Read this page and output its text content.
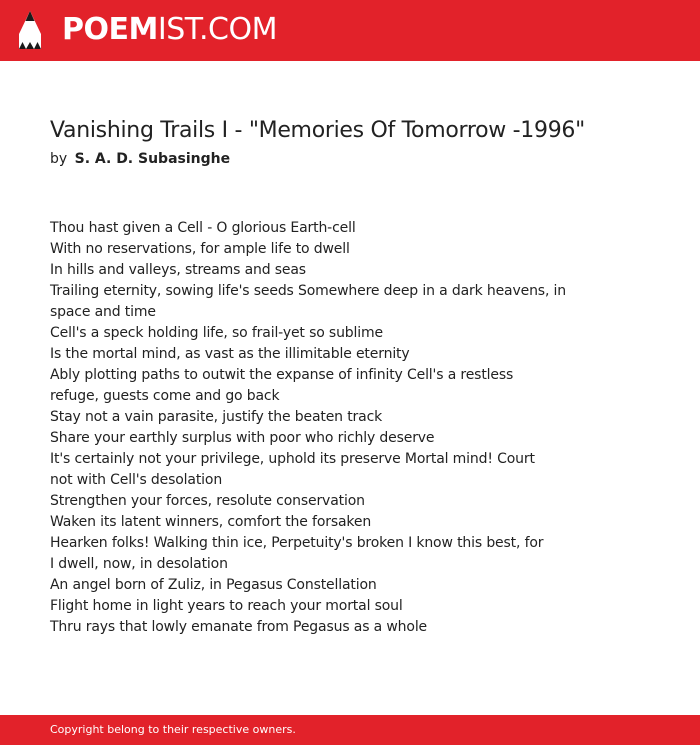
POEMIST.COM
Vanishing Trails I - "Memories Of Tomorrow -1996"
by S. A. D. Subasinghe
Thou hast given a Cell - O glorious Earth-cell
With no reservations, for ample life to dwell
In hills and valleys, streams and seas
Trailing eternity, sowing life's seeds Somewhere deep in a dark heavens, in
space and time
Cell's a speck holding life, so frail-yet so sublime
Is the mortal mind, as vast as the illimitable eternity
Ably plotting paths to outwit the expanse of infinity Cell's a restless
refuge, guests come and go back
Stay not a vain parasite, justify the beaten track
Share your earthly surplus with poor who richly deserve
It's certainly not your privilege, uphold its preserve Mortal mind! Court
not with Cell's desolation
Strengthen your forces, resolute conservation
Waken its latent winners, comfort the forsaken
Hearken folks! Walking thin ice, Perpetuity's broken I know this best, for
I dwell, now, in desolation
An angel born of Zuliz, in Pegasus Constellation
Flight home in light years to reach your mortal soul
Thru rays that lowly emanate from Pegasus as a whole
Copyright belong to their respective owners.
